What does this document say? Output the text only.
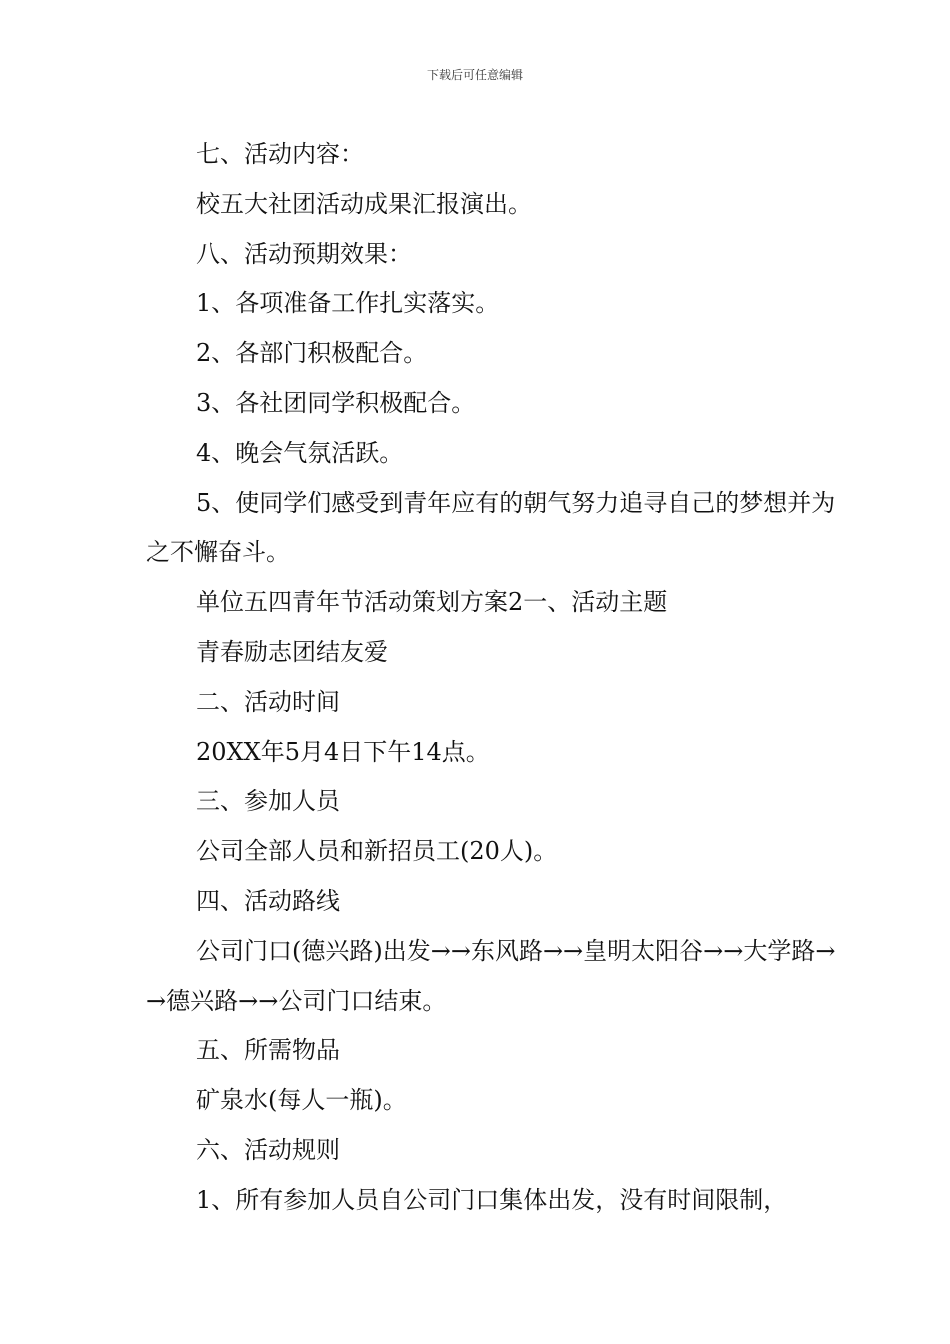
下载后可任意编辑

七、活动内容：

校五大社团活动成果汇报演出。

八、活动预期效果：

1、各项准备工作扎实落实。

2、各部门积极配合。

3、各社团同学积极配合。

4、晚会气氛活跃。

5、使同学们感受到青年应有的朝气努力追寻自己的梦想并为之不懈奋斗。

单位五四青年节活动策划方案2一、活动主题

青春励志团结友爱

二、活动时间

20XX年5月4日下午14点。

三、参加人员

公司全部人员和新招员工(20人)。

四、活动路线

公司门口(德兴路)出发→→东风路→→皇明太阳谷→→大学路→→德兴路→→公司门口结束。

五、所需物品

矿泉水(每人一瓶)。

六、活动规则

1、所有参加人员自公司门口集体出发，没有时间限制，
